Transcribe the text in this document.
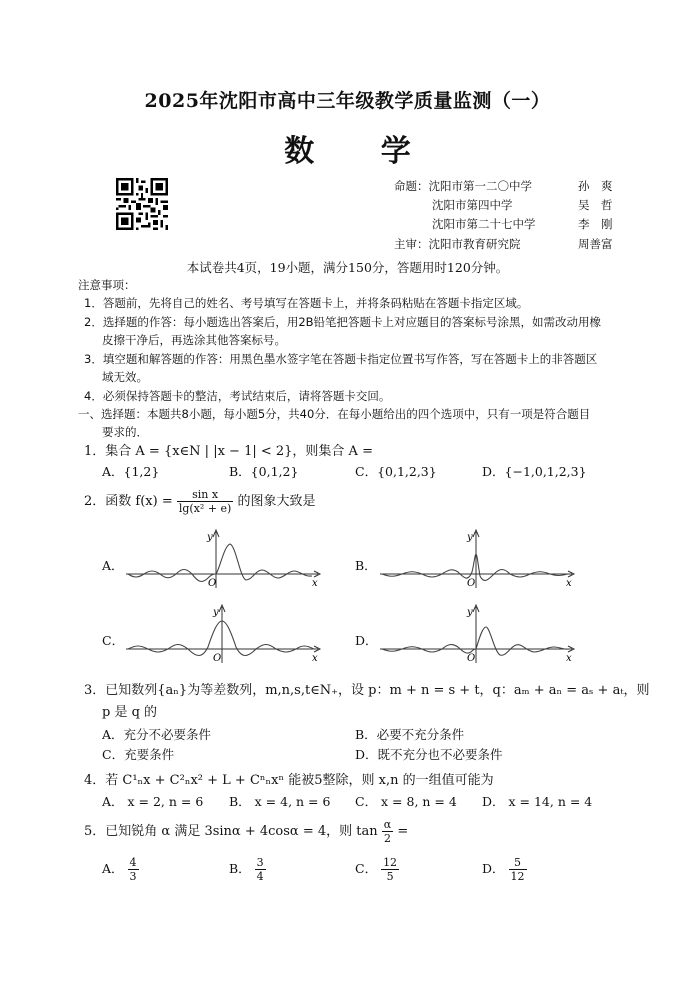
2025年沈阳市高中三年级教学质量监测（一）
数 学
命题：沈阳市第一二〇中学	孙　爽
沈阳市第四中学	吴　哲
沈阳市第二十七中学	李　刚
主审：沈阳市教育研究院	周善富
本试卷共4页，19小题，满分150分，答题用时120分钟。
注意事项：
1．答题前，先将自己的姓名、考号填写在答题卡上，并将条码粘贴在答题卡指定区域。
2．选择题的作答：每小题选出答案后，用2B铅笔把答题卡上对应题目的答案标号涂黑，如需改动用橡
皮擦干净后，再选涂其他答案标号。
3．填空题和解答题的作答：用黑色墨水签字笔在答题卡指定位置书写作答，写在答题卡上的非答题区
域无效。
4．必须保持答题卡的整洁，考试结束后，请将答题卡交回。
一、选择题：本题共8小题，每小题5分，共40分．在每小题给出的四个选项中，只有一项是符合题目
要求的．
1．集合 A = {x∈N | |x − 1| < 2}，则集合 A =
A．{1,2}	B．{0,1,2}	C．{0,1,2,3}	D．{−1,0,1,2,3}
2．函数 $f(x) = \frac{\text{sin x}}{\text{lg(x² + e)}}$ 的图象大致是
A．	B．
C．	D．
O	x
y
O	x
y
O	x
y
O	x
y
3．已知数列{aₙ}为等差数列，m,n,s,t∈N₊，设 p：m + n = s + t，q：aₘ + aₙ = aₛ + aₜ，则
p 是 q 的
A．充分不必要条件	B．必要不充分条件
C．充要条件	D．既不充分也不必要条件
4．若 C¹ₙx + C²ₙx² + L + Cⁿₙxⁿ 能被5整除，则 x,n 的一组值可能为
A． x = 2, n = 6 B． x = 4, n = 6 C． x = 8, n = 4 D． x = 14, n = 4
5．已知锐角 α 满足 3sinα + 4cosα = 4，则 $\tan \frac{\alpha}{2}$ =
A． $\frac{4}{3}$	B． $\frac{3}{4}$	C． $\frac{12}{5}$	D． $\frac{5}{12}$
